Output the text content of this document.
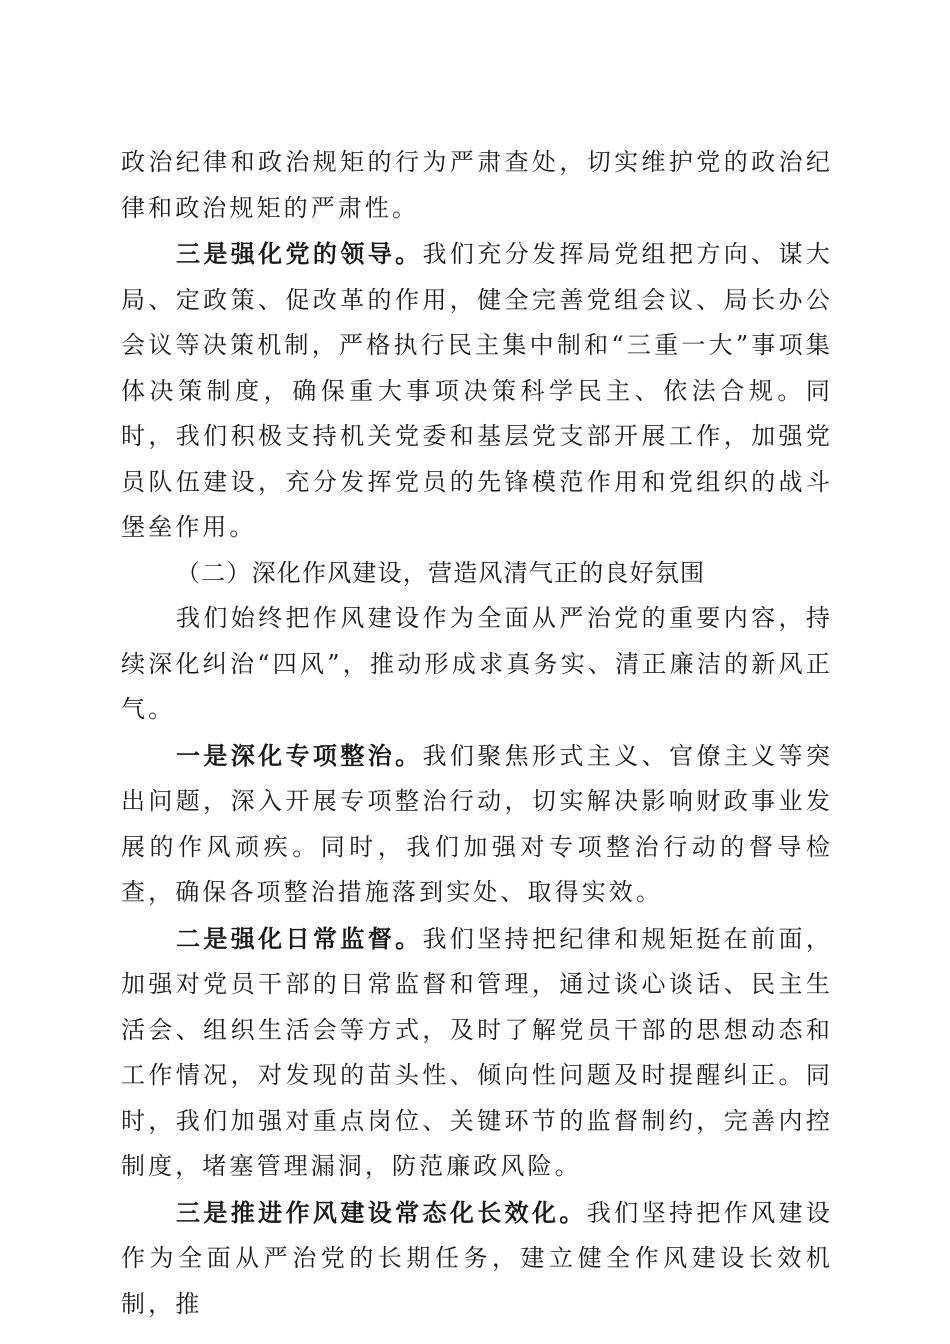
政治纪律和政治规矩的行为严肃查处，切实维护党的政治纪律和政治规矩的严肃性。

三是强化党的领导。我们充分发挥局党组把方向、谋大局、定政策、促改革的作用，健全完善党组会议、局长办公会议等决策机制，严格执行民主集中制和“三重一大”事项集体决策制度，确保重大事项决策科学民主、依法合规。同时，我们积极支持机关党委和基层党支部开展工作，加强党员队伍建设，充分发挥党员的先锋模范作用和党组织的战斗堡垒作用。

（二）深化作风建设，营造风清气正的良好氛围

我们始终把作风建设作为全面从严治党的重要内容，持续深化纠治“四风”，推动形成求真务实、清正廉洁的新风正气。

一是深化专项整治。我们聚焦形式主义、官僚主义等突出问题，深入开展专项整治行动，切实解决影响财政事业发展的作风顽疾。同时，我们加强对专项整治行动的督导检查，确保各项整治措施落到实处、取得实效。

二是强化日常监督。我们坚持把纪律和规矩挺在前面，加强对党员干部的日常监督和管理，通过谈心谈话、民主生活会、组织生活会等方式，及时了解党员干部的思想动态和工作情况，对发现的苗头性、倾向性问题及时提醒纠正。同时，我们加强对重点岗位、关键环节的监督制约，完善内控制度，堵塞管理漏洞，防范廉政风险。

三是推进作风建设常态化长效化。我们坚持把作风建设作为全面从严治党的长期任务，建立健全作风建设长效机制，推
